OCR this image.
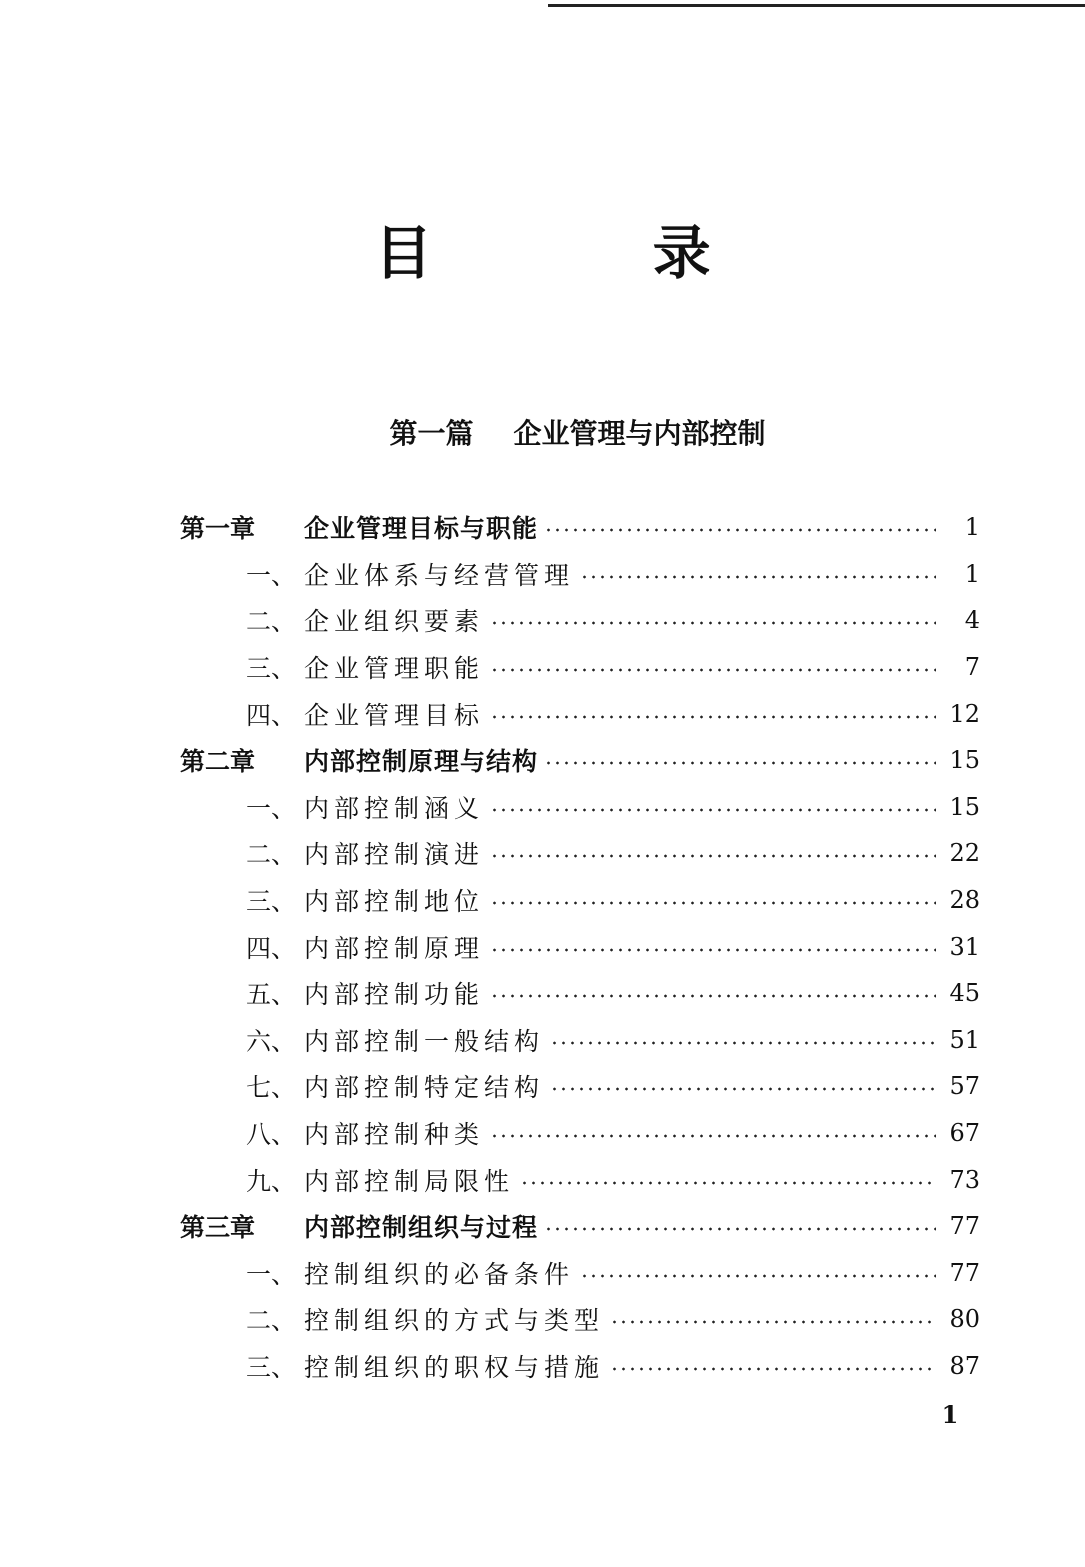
目 录
第一篇 企业管理与内部控制
第一章	企业管理目标与职能	1
一、 企业体系与经营管理	1
二、 企业组织要素	4
三、 企业管理职能	7
四、 企业管理目标	12
第二章	内部控制原理与结构	15
一、 内部控制涵义	15
二、 内部控制演进	22
三、 内部控制地位	28
四、 内部控制原理	31
五、 内部控制功能	45
六、 内部控制一般结构	51
七、 内部控制特定结构	57
八、 内部控制种类	67
九、 内部控制局限性	73
第三章	内部控制组织与过程	77
一、 控制组织的必备条件	77
二、 控制组织的方式与类型	80
三、 控制组织的职权与措施	87
1
